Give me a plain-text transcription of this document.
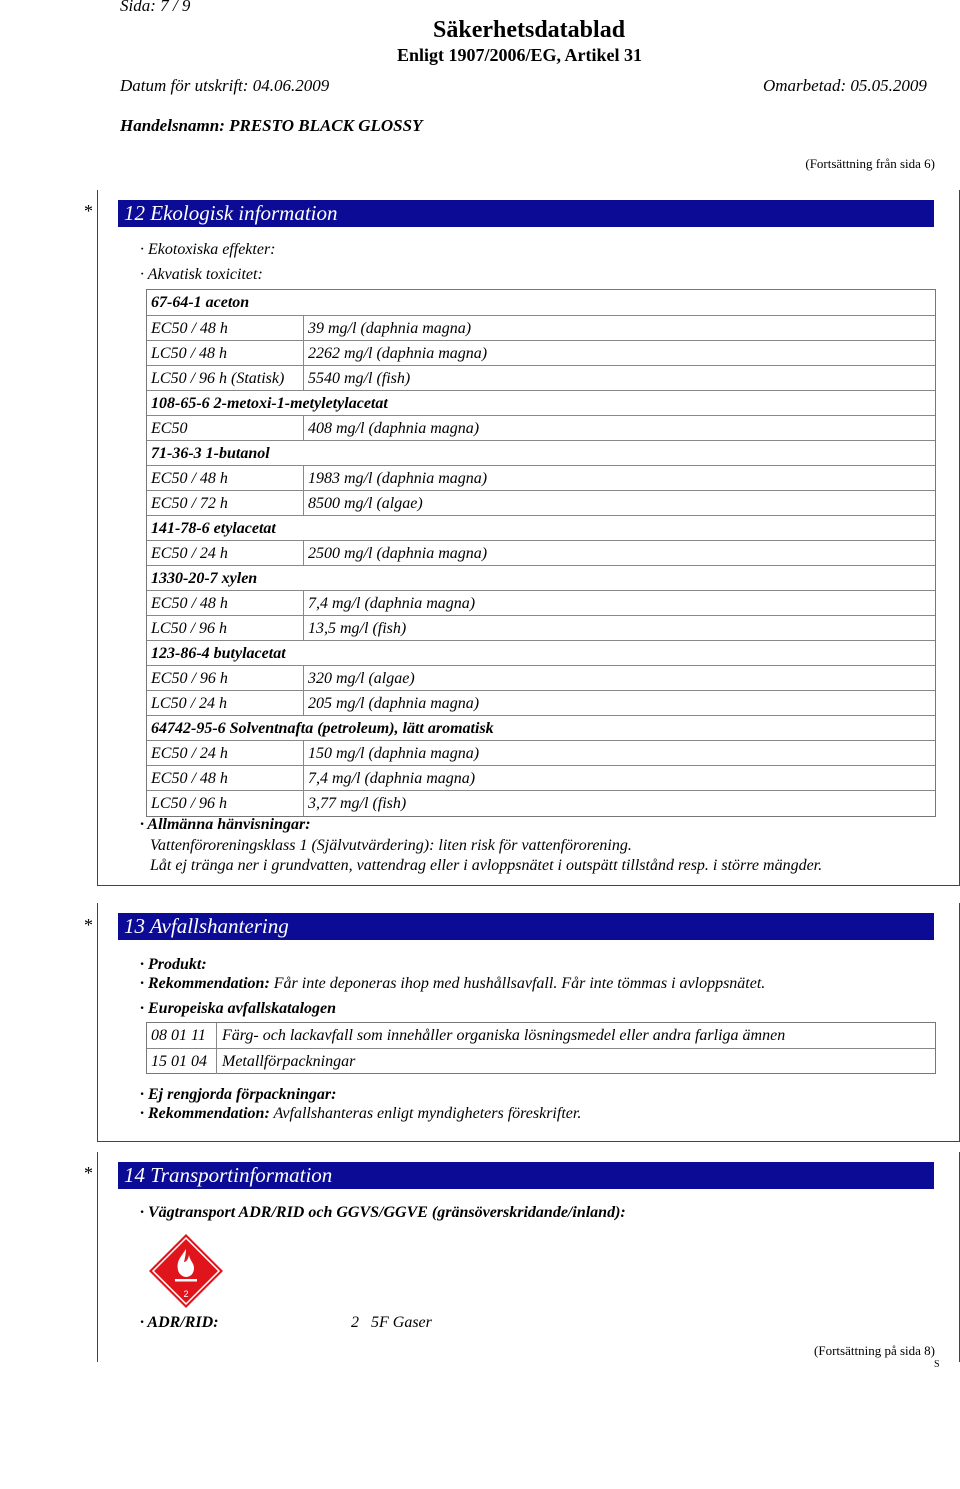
Sida: 7 / 9
Säkerhetsdatablad
Enligt 1907/2006/EG, Artikel 31
Datum för utskrift: 04.06.2009	Omarbetad: 05.05.2009
Handelsnamn: PRESTO BLACK GLOSSY
(Fortsättning från sida 6)
* 12 Ekologisk information
· Ekotoxiska effekter:
· Akvatisk toxicitet:
67-64-1 aceton
EC50 / 48 h	39 mg/l (daphnia magna)
LC50 / 48 h	2262 mg/l (daphnia magna)
LC50 / 96 h (Statisk) 5540 mg/l (fish)
108-65-6 2-metoxi-1-metyletylacetat
EC50	408 mg/l (daphnia magna)
71-36-3 1-butanol
EC50 / 48 h	1983 mg/l (daphnia magna)
EC50 / 72 h	8500 mg/l (algae)
141-78-6 etylacetat
EC50 / 24 h	2500 mg/l (daphnia magna)
1330-20-7 xylen
EC50 / 48 h	7,4 mg/l (daphnia magna)
LC50 / 96 h	13,5 mg/l (fish)
123-86-4 butylacetat
EC50 / 96 h	320 mg/l (algae)
LC50 / 24 h	205 mg/l (daphnia magna)
64742-95-6 Solventnafta (petroleum), lätt aromatisk
EC50 / 24 h	150 mg/l (daphnia magna)
EC50 / 48 h	7,4 mg/l (daphnia magna)
LC50 / 96 h	3,77 mg/l (fish)
· Allmänna hänvisningar:
Vattenföroreningsklass 1 (Självutvärdering): liten risk för vattenförorening.
Låt ej tränga ner i grundvatten, vattendrag eller i avloppsnätet i outspätt tillstånd resp. i större mängder.
* 13 Avfallshantering
· Produkt:
· Rekommendation: Får inte deponeras ihop med hushållsavfall. Får inte tömmas i avloppsnätet.
· Europeiska avfallskatalogen
08 01 11 Färg- och lackavfall som innehåller organiska lösningsmedel eller andra farliga ämnen
15 01 04 Metallförpackningar
· Ej rengjorda förpackningar:
· Rekommendation: Avfallshanteras enligt myndigheters föreskrifter.
* 14 Transportinformation
· Vägtransport ADR/RID och GGVS/GGVE (gränsöverskridande/inland):
2
· ADR/RID:	2   5F Gaser
(Fortsättning på sida 8)
S
